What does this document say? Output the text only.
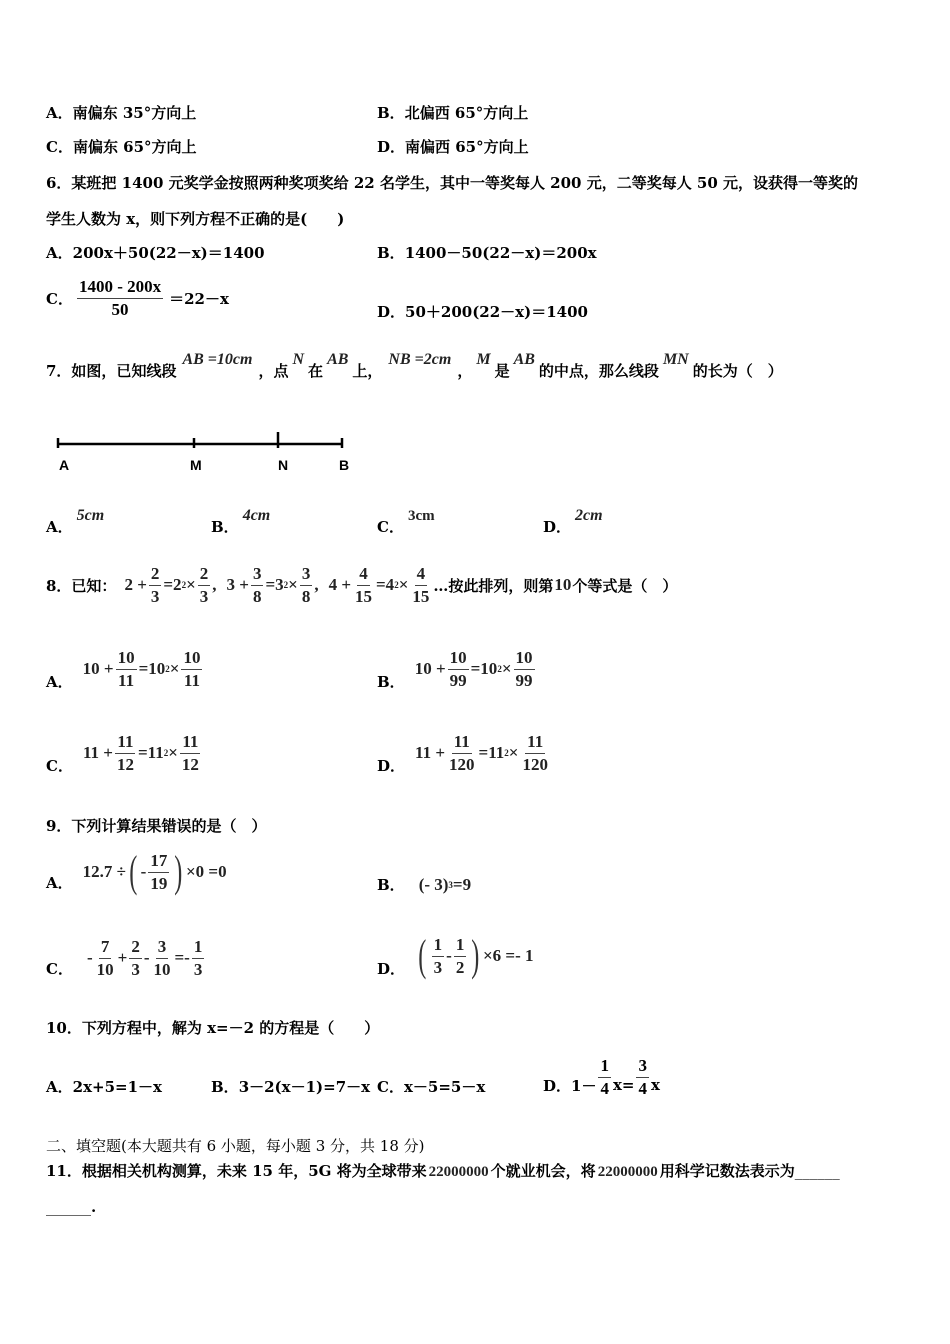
A．南偏东 35°方向上	B．北偏西 65°方向上
C．南偏东 65°方向上	D．南偏西 65°方向上
6．某班把 1400 元奖学金按照两种奖项奖给 22 名学生，其中一等奖每人 200 元，二等奖每人 50 元，设获得一等奖的
学生人数为 x，则下列方程不正确的是(　　)
A．200x＋50(22－x)＝1400	B．1400－50(22－x)＝200x
C． $\frac{1400 - 200x}{50} =22-x$
D．50＋200(22－x)＝1400
7．如图，已知线段
AB =10cm
，点
N
在
AB
上，
NB =2cm
，
M
是
AB
的中点，那么线段
MN
的长为（　）
A	M	N	B
A．5cm
B．4cm
C．3cm
D．2cm
8．已知： $2 + \frac{2}{3} =2$ $2 \times \frac{2}{3}$ , $3 + \frac{3}{8} =3$ $2 \times \frac{3}{8}$ , $4 + \frac{4}{15} =4$ $2 \times \frac{4}{15}$ …按此排列，则第 10 个等式是（　）
A．
$10 + \frac{10}{11} =10$ $2 \times \frac{10}{11}$	B．
$10 + \frac{10}{99} =10$ $2 \times \frac{10}{99}$
C．
$11 + \frac{11}{12} =11$ $2 \times \frac{11}{12}$	D．
$11 + \frac{11}{120} =11$ $2 \times \frac{11}{120}$
9．下列计算结果错误的是（　）
A．
12.7 ÷ ( - $\frac{17}{19}$ ) ×0 =0
B． (- 3) 3 =9
C．
- $\frac{7}{10} + \frac{2}{3} - \frac{3}{10} =- \frac{1}{3}$	D． ( $\frac{1}{3} - \frac{1}{2}$ ) ×6 =- 1
10．下列方程中，解为 x=－2 的方程是（　　）
A．2x+5=1－x	B．3－2(x－1)=7－x C．x－5=5－x	D． $1- \frac{1}{4} x= \frac{3}{4}$ x
二、填空题(本大题共有 6 小题，每小题 3 分，共 18 分)
11．根据相关机构测算，未来 15 年，5G 将为全球带来 22000000 个就业机会，将 22000000 用科学记数法表示为 ______
______.
